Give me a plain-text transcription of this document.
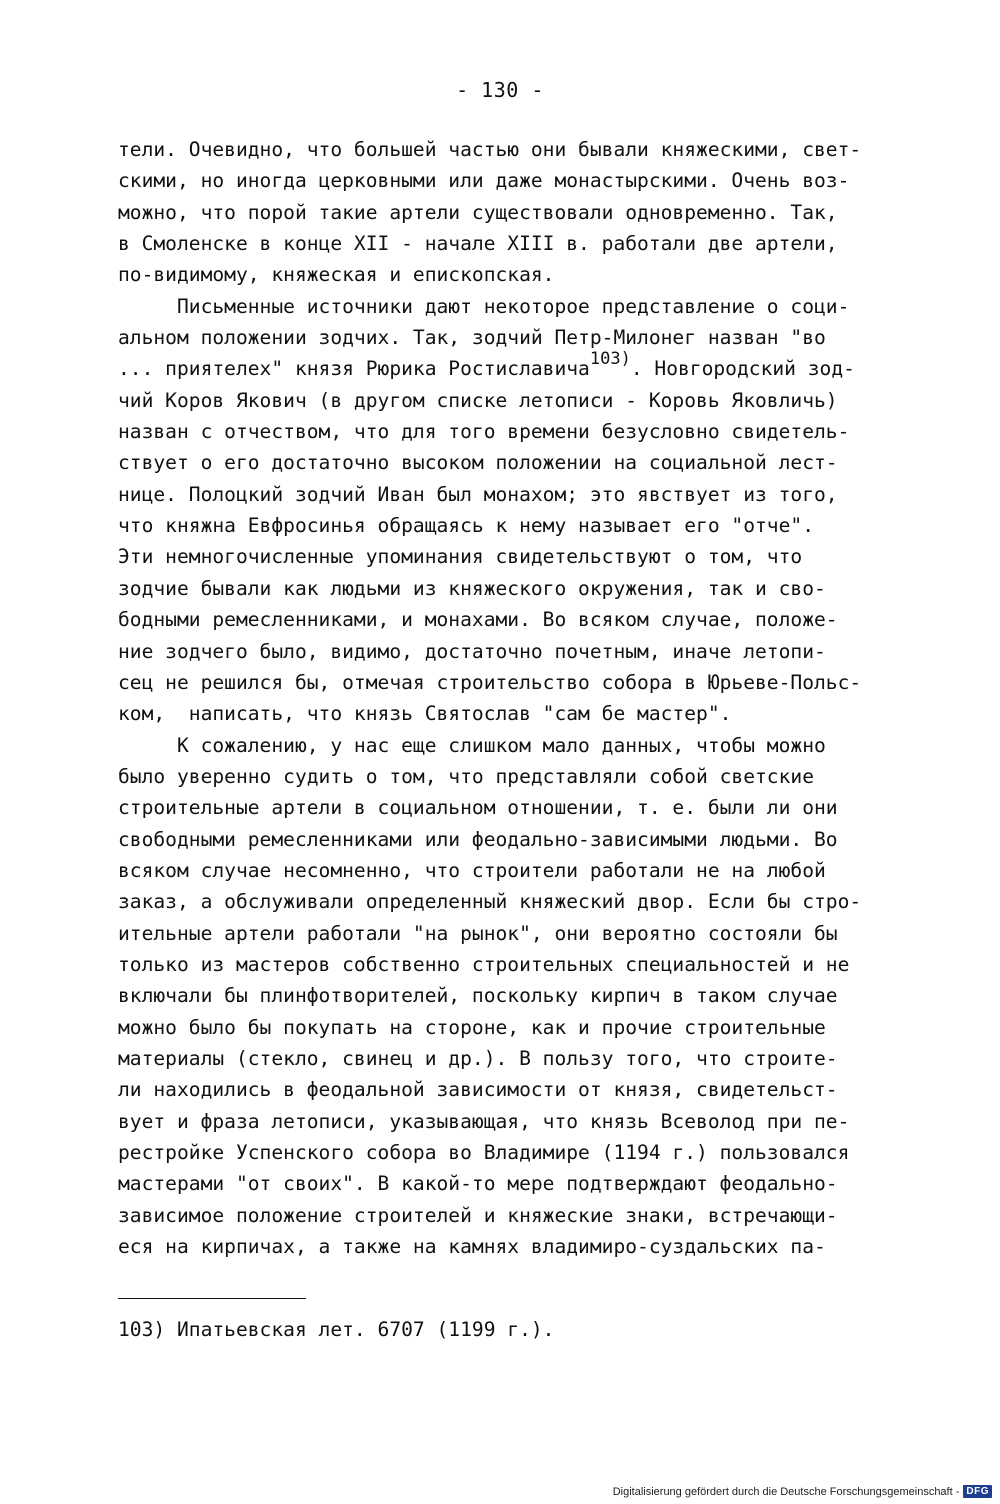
- 130 -
тели. Очевидно, что большей частью они бывали княжескими, свет-
скими, но иногда церковными или даже монастырскими. Очень воз-
можно, что порой такие артели существовали одновременно. Так,
в Смоленске в конце XII - начале XIII в. работали две артели,
по-видимому, княжеская и епископская.
Письменные источники дают некоторое представление о соци-
альном положении зодчих. Так, зодчий Петр-Милонег назван "во
... приятелех" князя Рюрика Ростиславича103). Новгородский зод-
чий Коров Якович (в другом списке летописи - Коровь Яковличь)
назван с отчеством, что для того времени безусловно свидетель-
ствует о его достаточно высоком положении на социальной лест-
нице. Полоцкий зодчий Иван был монахом; это явствует из того,
что княжна Евфросинья обращаясь к нему называет его "отче".
Эти немногочисленные упоминания свидетельствуют о том, что
зодчие бывали как людьми из княжеского окружения, так и сво-
бодными ремесленниками, и монахами. Во всяком случае, положе-
ние зодчего было, видимо, достаточно почетным, иначе летопи-
сец не решился бы, отмечая строительство собора в Юрьеве-Польс-
ком,  написать, что князь Святослав "сам бе мастер".
К сожалению, у нас еще слишком мало данных, чтобы можно
было уверенно судить о том, что представляли собой светские
строительные артели в социальном отношении, т. е. были ли они
свободными ремесленниками или феодально-зависимыми людьми. Во
всяком случае несомненно, что строители работали не на любой
заказ, а обслуживали определенный княжеский двор. Если бы стро-
ительные артели работали "на рынок", они вероятно состояли бы
только из мастеров собственно строительных специальностей и не
включали бы плинфотворителей, поскольку кирпич в таком случае
можно было бы покупать на стороне, как и прочие строительные
материалы (стекло, свинец и др.). В пользу того, что строите-
ли находились в феодальной зависимости от князя, свидетельст-
вует и фраза летописи, указывающая, что князь Всеволод при пе-
рестройке Успенского собора во Владимире (1194 г.) пользовался
мастерами "от своих". В какой-то мере подтверждают феодально-
зависимое положение строителей и княжеские знаки, встречающи-
еся на кирпичах, а также на камнях владимиро-суздальских па-
103) Ипатьевская лет. 6707 (1199 г.).
Digitalisierung gefördert durch die Deutsche Forschungsgemeinschaft - DFG
